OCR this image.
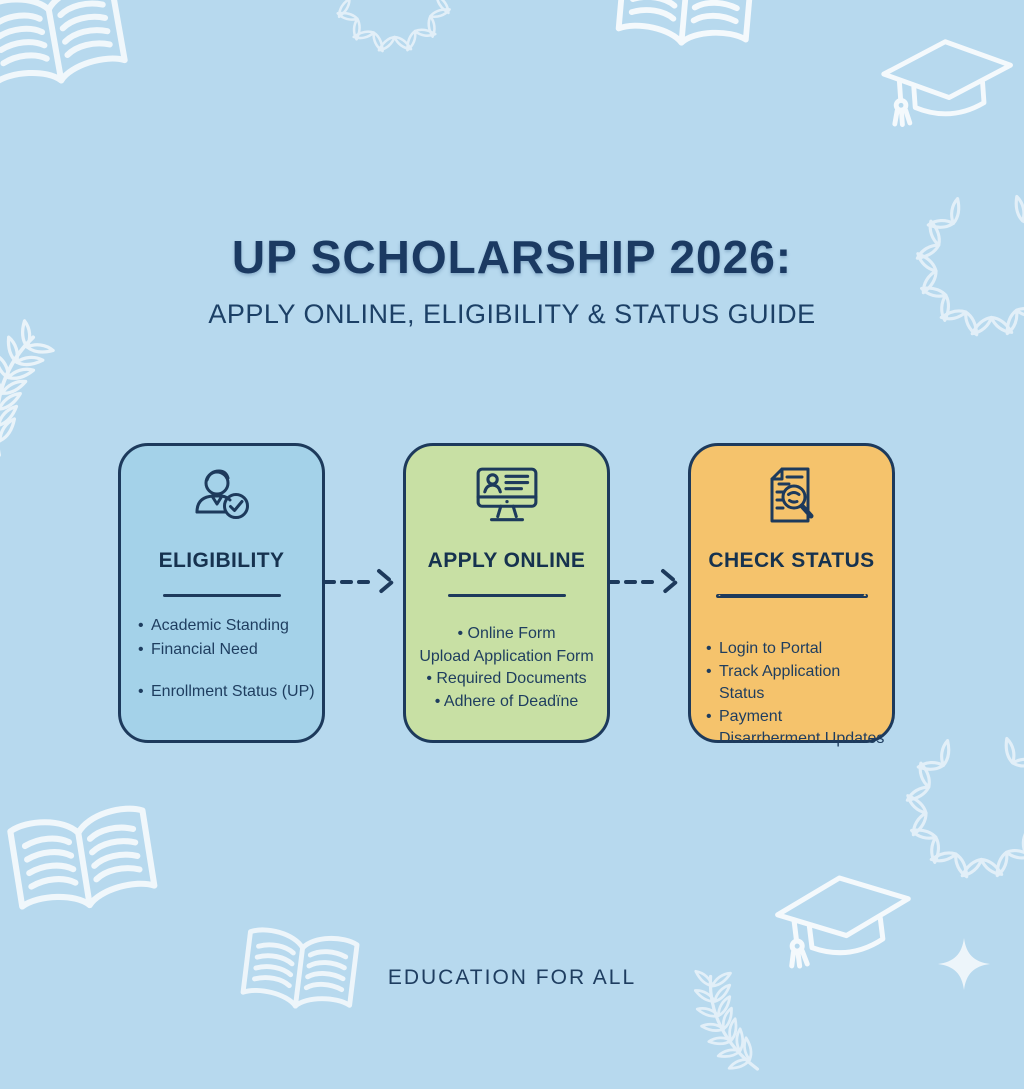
UP SCHOLARSHIP 2026:
APPLY ONLINE, ELIGIBILITY & STATUS GUIDE
ELIGIBILITY
• Academic Standing
• Financial Need
• Enrollment Status (UP)
APPLY ONLINE
• Online Form
Upload Application Form
• Required Documents
• Adhere of Deadïne
CHECK STATUS
• Login to Portal
• Track Application Status
• Payment Disarrberment Updates
EDUCATION FOR ALL
